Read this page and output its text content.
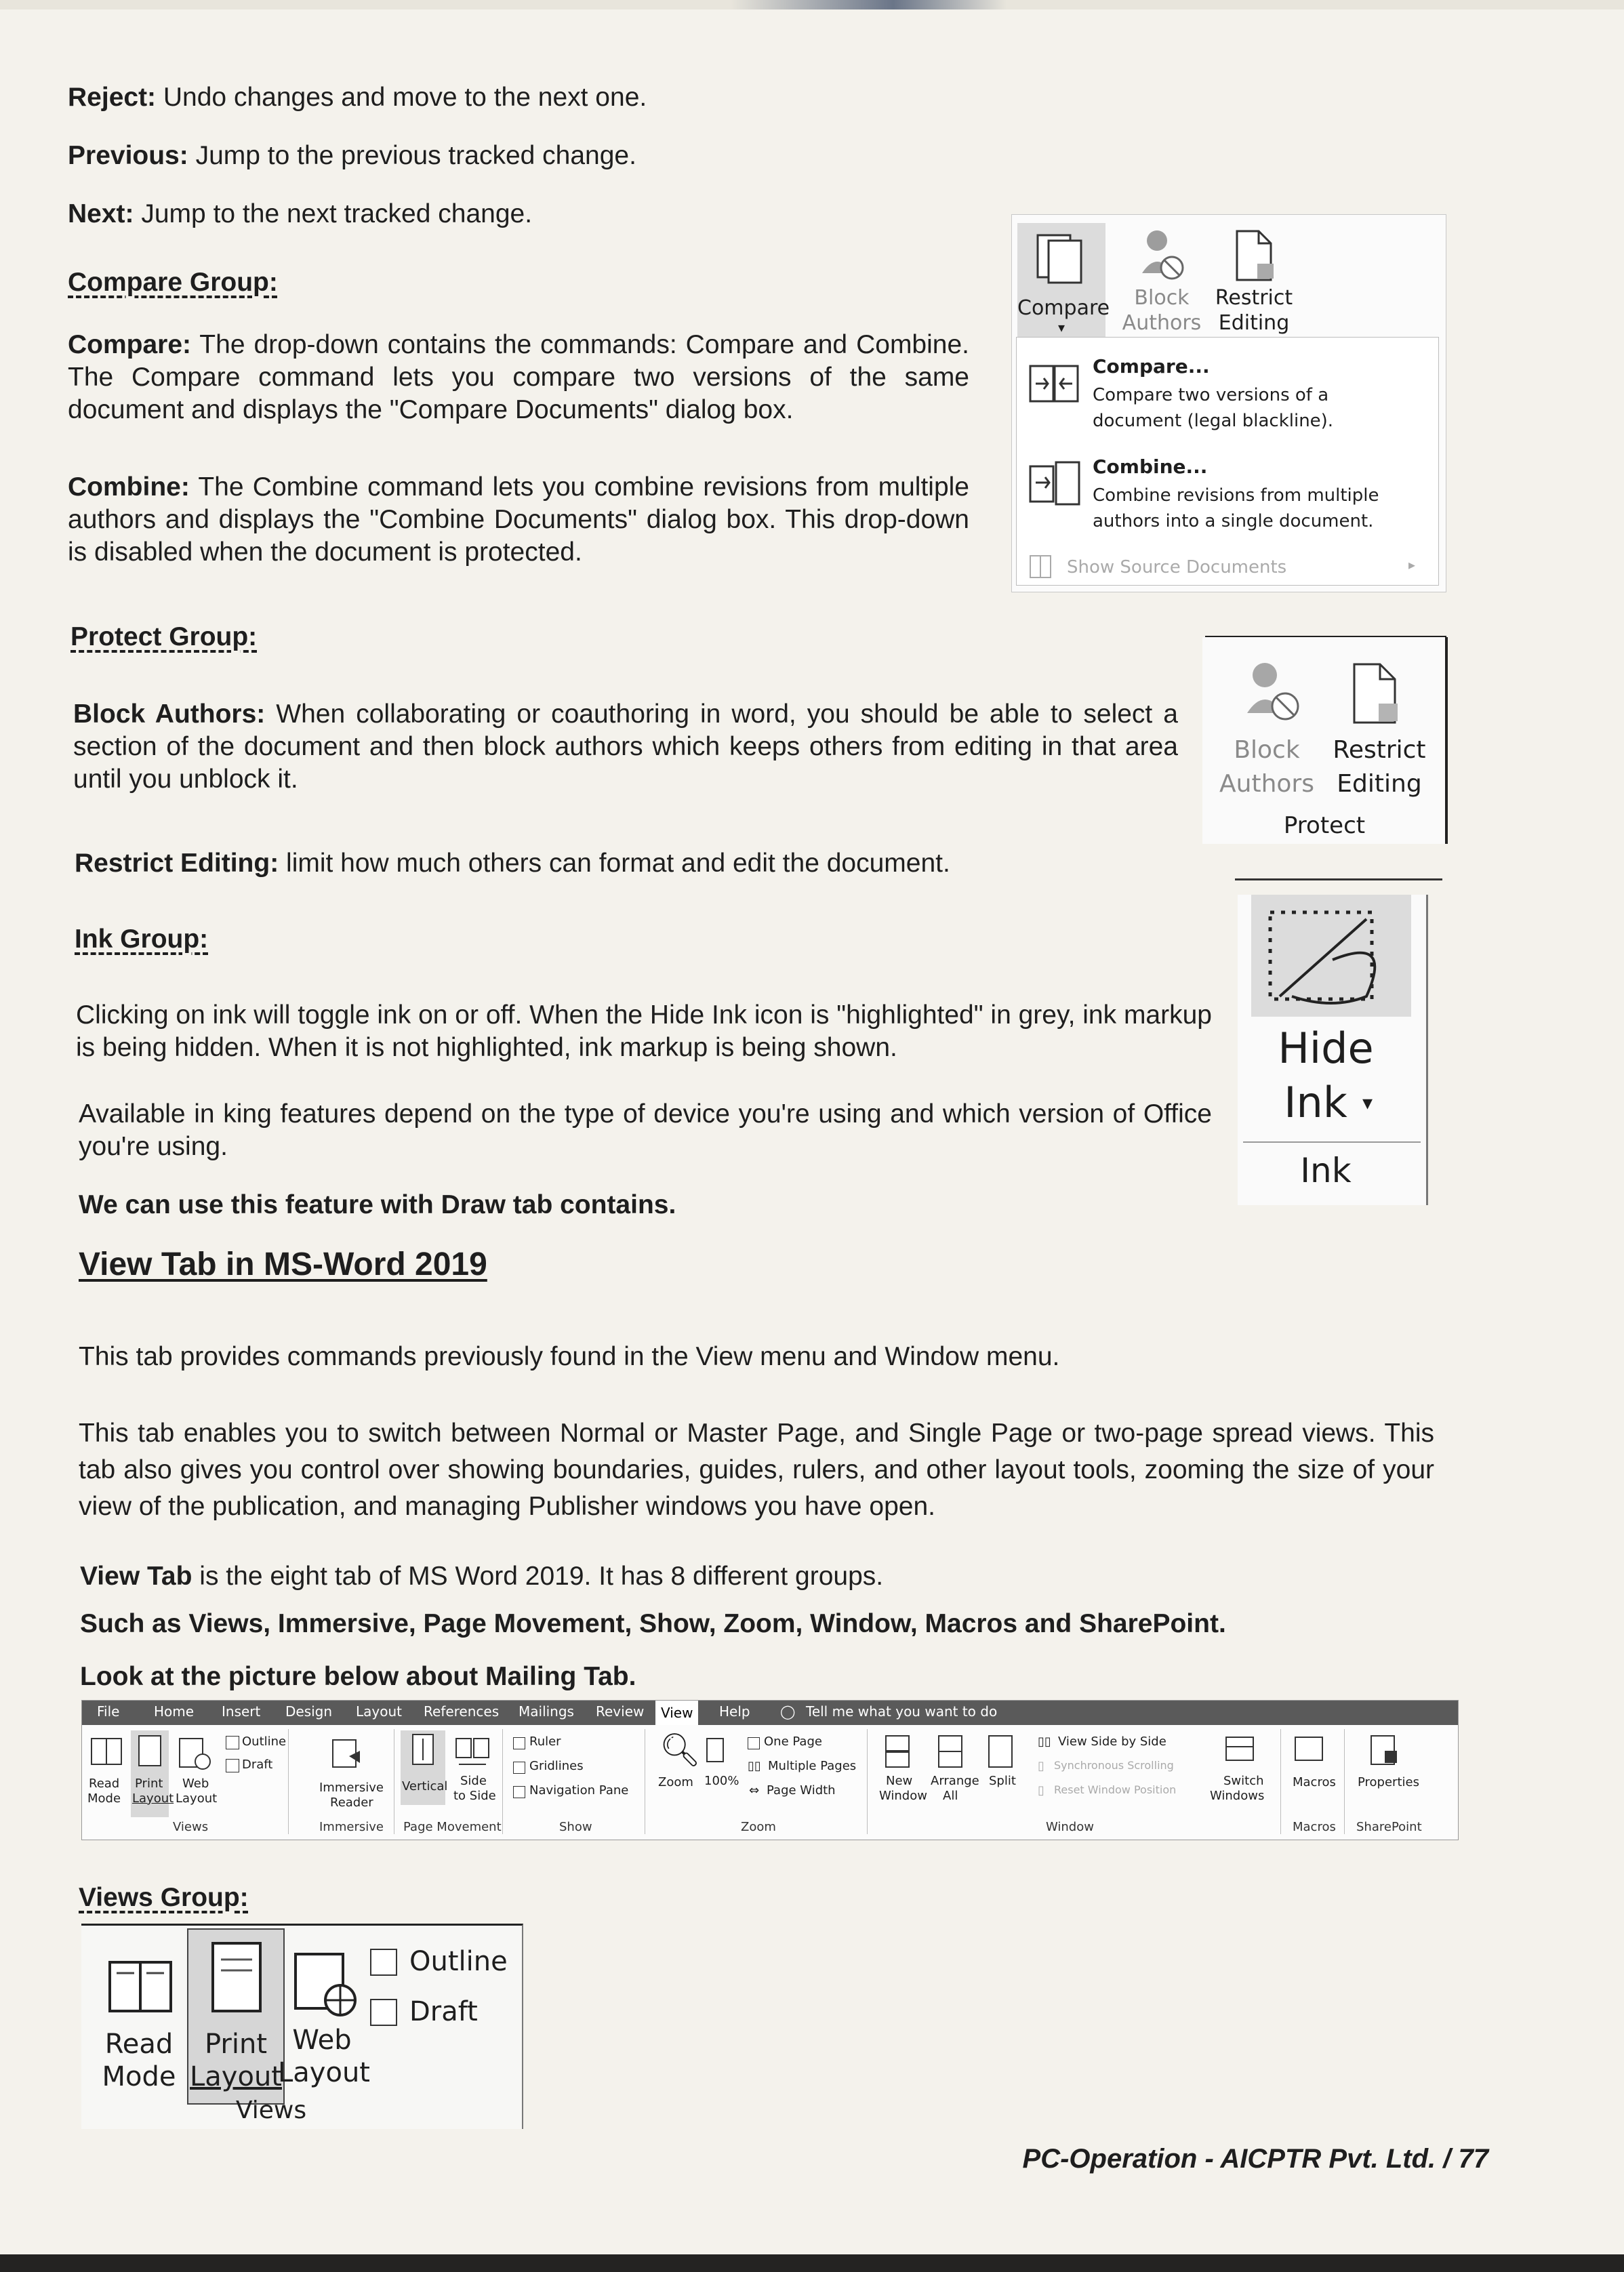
Reject: Undo changes and move to the next one.

Previous: Jump to the previous tracked change.

Next: Jump to the next tracked change.

Compare Group:

Compare: The drop-down contains the commands: Compare and Combine. The Compare command lets you compare two versions of the same document and displays the "Compare Documents" dialog box.

Combine: The Combine command lets you combine revisions from multiple authors and displays the "Combine Documents" dialog box. This drop-down is disabled when the document is protected.

Compare
▾
Block
Authors
Restrict
Editing
Compare...
Compare two versions of a
document (legal blackline).
Combine...
Combine revisions from multiple
authors into a single document.
Show Source Documents	▸
Protect Group:

Block Authors: When collaborating or coauthoring in word, you should be able to select a section of the document and then block authors which keeps others from editing in that area until you unblock it.

Restrict Editing: limit how much others can format and edit the document.

Block
Authors
Restrict
Editing
Protect
Ink Group:

Clicking on ink will toggle ink on or off. When the Hide Ink icon is "highlighted" in grey, ink markup is being hidden. When it is not highlighted, ink markup is being shown.

Available in king features depend on the type of device you're using and which version of Office you're using.

We can use this feature with Draw tab contains.

Hide
Ink ▾
Ink
View Tab in MS-Word 2019

This tab provides commands previously found in the View menu and Window menu.

This tab enables you to switch between Normal or Master Page, and Single Page or two-page spread views. This tab also gives you control over showing boundaries, guides, rulers, and other layout tools, zooming the size of your view of the publication, and managing Publisher windows you have open.

View Tab is the eight tab of MS Word 2019. It has 8 different groups.

Such as Views, Immersive, Page Movement, Show, Zoom, Window, Macros and SharePoint.

Look at the picture below about Mailing Tab.

File	Home Insert Design Layout References Mailings Review	View	Help ◯ Tell me what you want to do
Read
Mode
Print
Layout
Web
Layout
Outline
Draft
Views
Immersive
Reader
Immersive
Vertical Side
to Side
Page Movement
Ruler
Gridlines
Navigation Pane
Show
🔍︎
Zoom 100%
One Page
▯▯ Multiple Pages
⇔ Page Width
Zoom
New
Window
Arrange
All
Split
▯▯ View Side by Side
▯ Synchronous Scrolling
▯ Reset Window Position
Switch
Windows
Window
Macros
Macros
Properties
SharePoint
Views Group:
Read
Mode
Print
Layout
Web
Layout
Outline
Draft
Views
PC-Operation - AICPTR Pvt. Ltd. / 77
